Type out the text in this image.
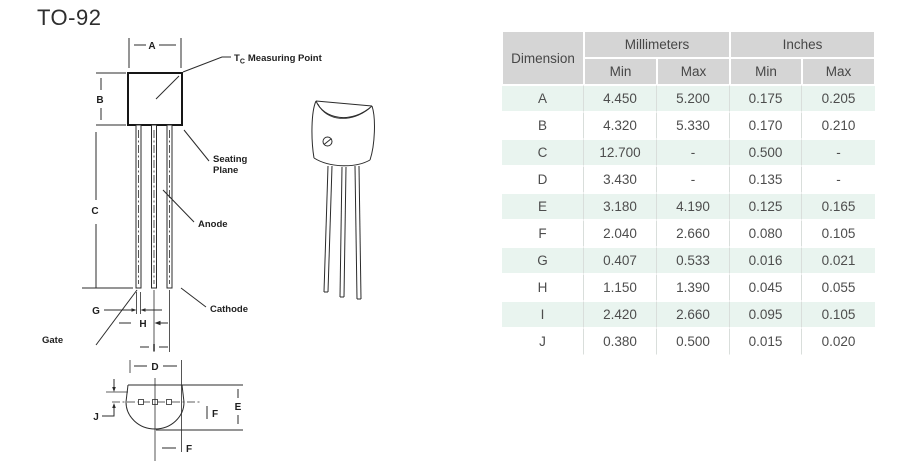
TO-92
A
$T_C$ Measuring Point
B
Seating
Plane
C
Anode
Cathode
Gate
G
H
I
D
J
E
F
F
Dimension	Millimeters		Inches	
	Min	Max	Min	Max
A	4.450	5.200	0.175	0.205
B	4.320	5.330	0.170	0.210
C	12.700	-	0.500	-
D	3.430	-	0.135	-
E	3.180	4.190	0.125	0.165
F	2.040	2.660	0.080	0.105
G	0.407	0.533	0.016	0.021
H	1.150	1.390	0.045	0.055
I	2.420	2.660	0.095	0.105
J	0.380	0.500	0.015	0.020
